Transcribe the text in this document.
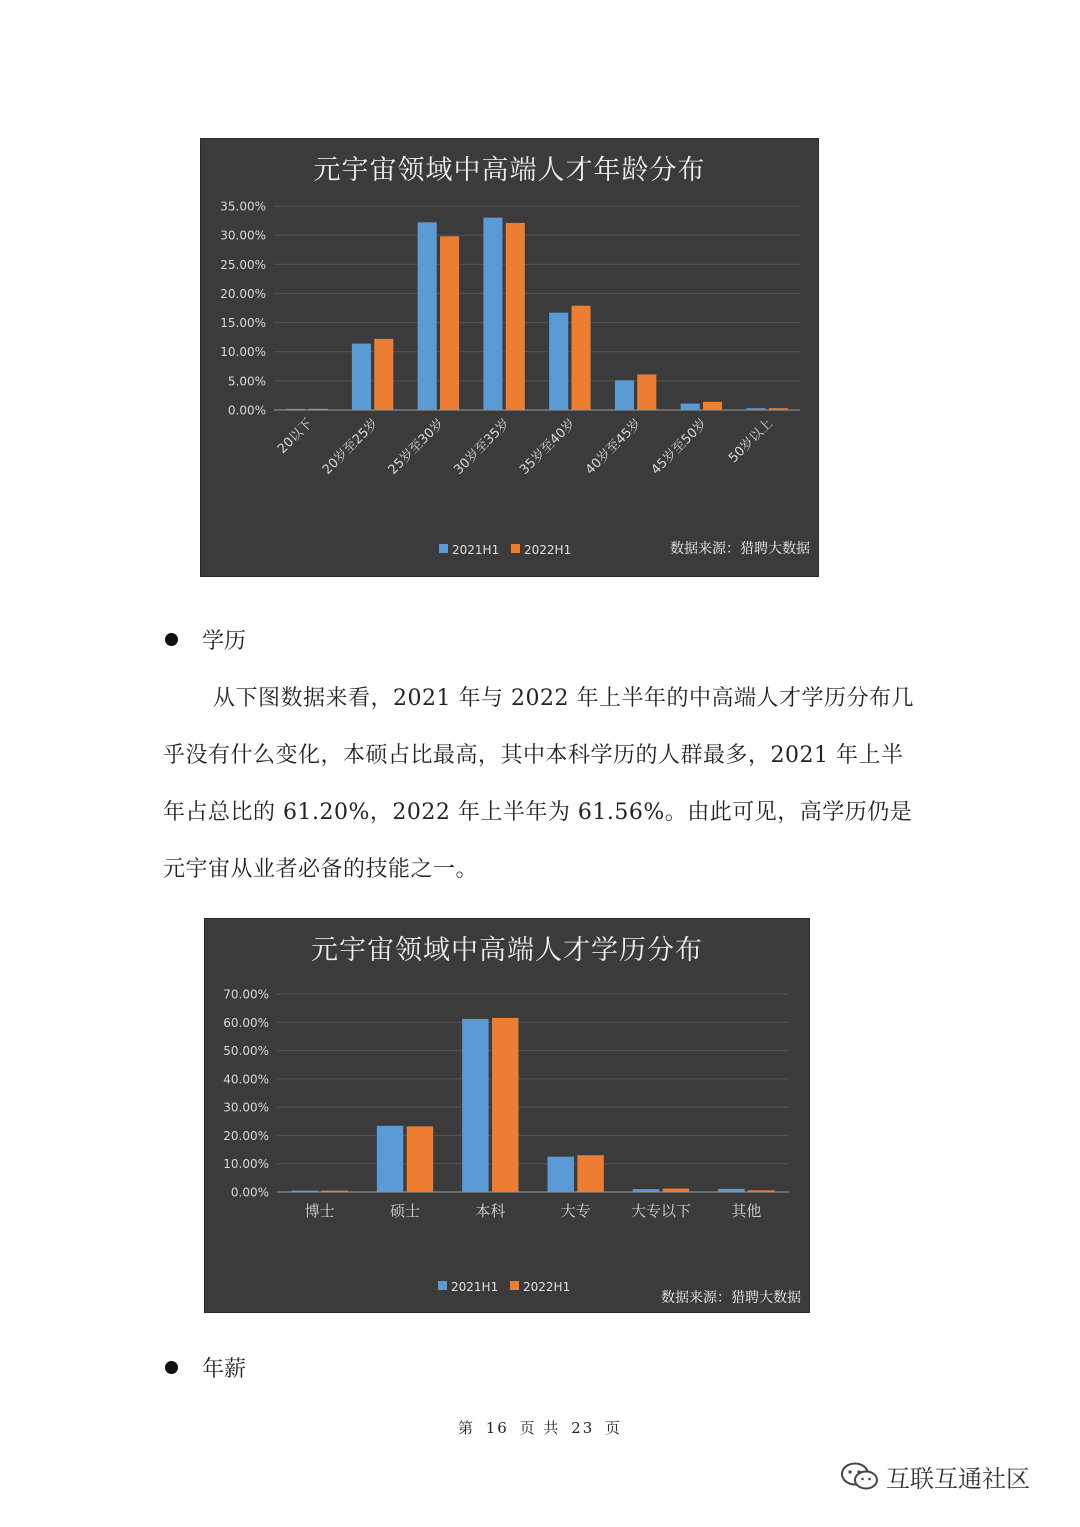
元宇宙领域中高端人才年龄分布
0.00%
5.00%
10.00%
15.00%
20.00%
25.00%
30.00%
35.00%
20以下 20岁至25岁 25岁至30岁 30岁至35岁 35岁至40岁 40岁至45岁 45岁至50岁 50岁以上
2021H1 2022H1	数据来源：猎聘大数据
学历
从下图数据来看，2021 年与 2022 年上半年的中高端人才学历分布几乎没有什么变化，本硕占比最高，其中本科学历的人群最多，2021 年上半年占总比的 61.20%，2022 年上半年为 61.56%。由此可见，高学历仍是元宇宙从业者必备的技能之一。
元宇宙领域中高端人才学历分布
0.00%
10.00%
20.00%
30.00%
40.00%
50.00%
60.00%
70.00%
博士	硕士	本科	大专	大专以下	其他
2021H1 2022H1
数据来源：猎聘大数据
年薪
第 16 页 共 23 页
互联互通社区
